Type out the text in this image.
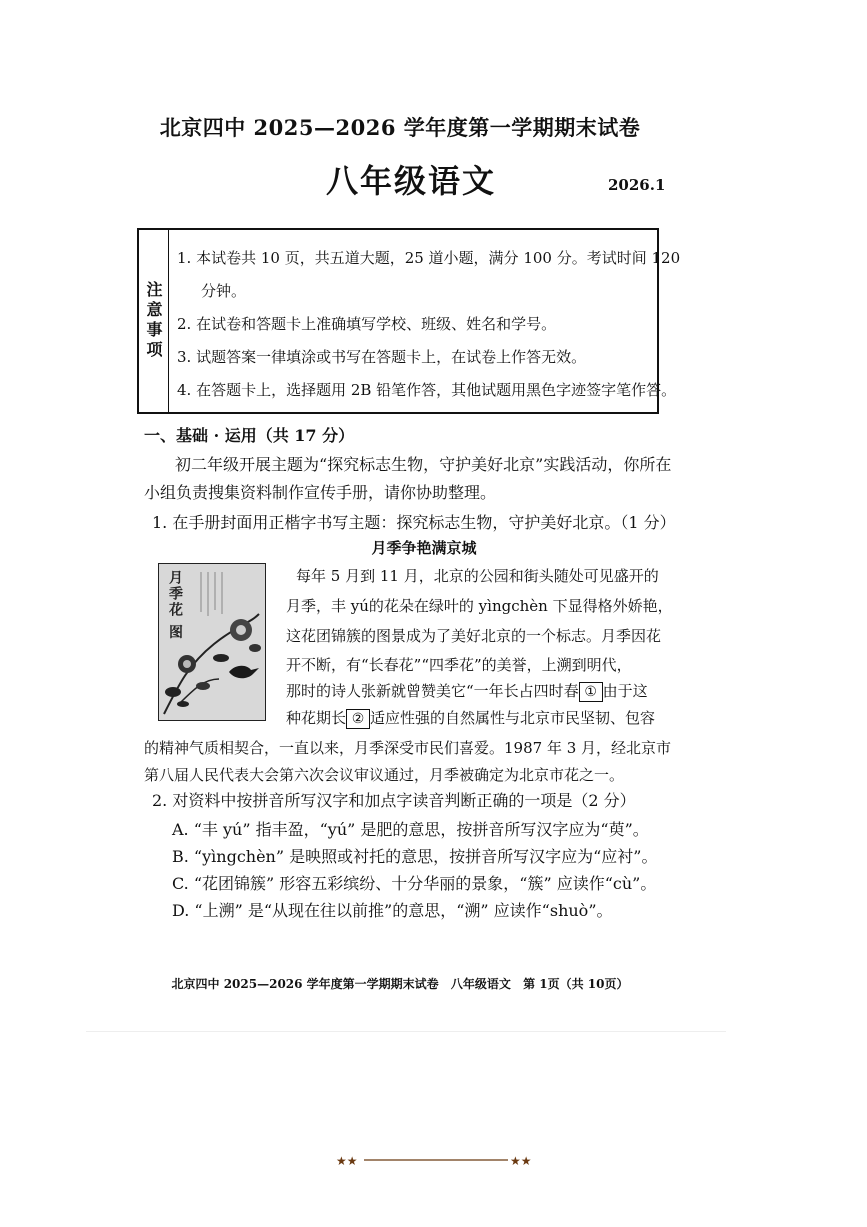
北京四中 2025—2026 学年度第一学期期末试卷
八年级语文	2026.1
注意事项
1. 本试卷共 10 页，共五道大题，25 道小题，满分 100 分。考试时间 120
分钟。
2. 在试卷和答题卡上准确填写学校、班级、姓名和学号。
3. 试题答案一律填涂或书写在答题卡上，在试卷上作答无效。
4. 在答题卡上，选择题用 2B 铅笔作答，其他试题用黑色字迹签字笔作答。
一、基础 · 运用（共 17 分）
初二年级开展主题为“探究标志生物，守护美好北京”实践活动，你所在
小组负责搜集资料制作宣传手册，请你协助整理。
1. 在手册封面用正楷字书写主题：探究标志生物，守护美好北京。（1 分）
月季争艳满京城
月季花 图	每年 5 月到 11 月，北京的公园和街头随处可见盛开的
月季，丰 yú的花朵在绿叶的 yìngchèn 下显得格外娇艳，
这花团锦簇的图景成为了美好北京的一个标志。月季因花
开不断，有“长春花”“四季花”的美誉，上溯到明代，
那时的诗人张新就曾赞美它“一年长占四时春 ① 由于这
种花期长 ② 适应性强的自然属性与北京市民坚韧、包容
的精神气质相契合，一直以来，月季深受市民们喜爱。1987 年 3 月，经北京市
第八届人民代表大会第六次会议审议通过，月季被确定为北京市花之一。
2. 对资料中按拼音所写汉字和加点字读音判断正确的一项是（2 分）
A. “丰 yú” 指丰盈，“yú” 是肥的意思，按拼音所写汉字应为“萸”。
B. “yìngchèn” 是映照或衬托的意思，按拼音所写汉字应为“应衬”。
C. “花团锦簇” 形容五彩缤纷、十分华丽的景象，“簇” 应读作“cù”。
D. “上溯” 是“从现在往以前推”的意思，“溯” 应读作“shuò”。
北京四中 2025—2026 学年度第一学期期末试卷 八年级语文 第 1页（共 10页）
★★	★★
